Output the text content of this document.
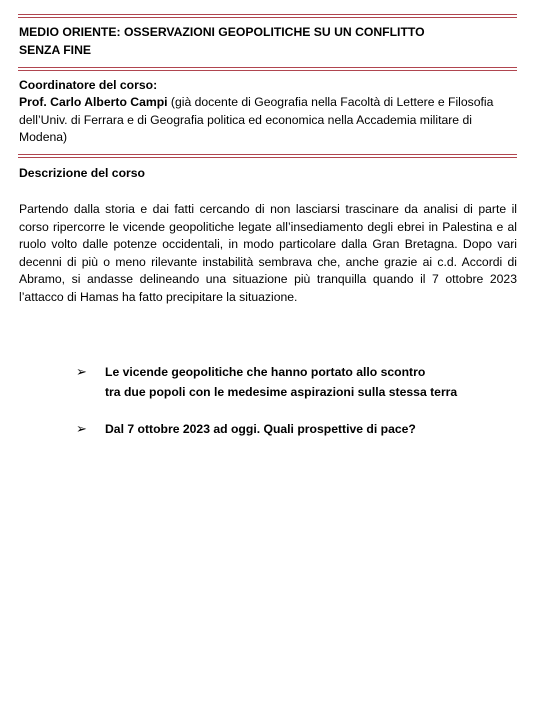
MEDIO ORIENTE: OSSERVAZIONI GEOPOLITICHE SU UN CONFLITTO
SENZA FINE
Coordinatore del corso:
Prof. Carlo Alberto Campi (già docente di Geografia nella Facoltà di Lettere e Filosofia dell’Univ. di Ferrara e di Geografia politica ed economica nella Accademia militare di Modena)
Descrizione del corso
Partendo dalla storia e dai fatti cercando di non lasciarsi trascinare da analisi di parte il corso ripercorre le vicende geopolitiche legate all’insediamento degli ebrei in Palestina e al ruolo volto dalle potenze occidentali, in modo particolare dalla Gran Bretagna. Dopo vari decenni di più o meno rilevante instabilità sembrava che, anche grazie ai c.d. Accordi di Abramo, si andasse delineando una situazione più tranquilla quando il 7 ottobre 2023 l’attacco di Hamas ha fatto precipitare la situazione.
➢ Le vicende geopolitiche che hanno portato allo scontro
tra due popoli con le medesime aspirazioni sulla stessa terra
➢ Dal 7 ottobre 2023 ad oggi. Quali prospettive di pace?
